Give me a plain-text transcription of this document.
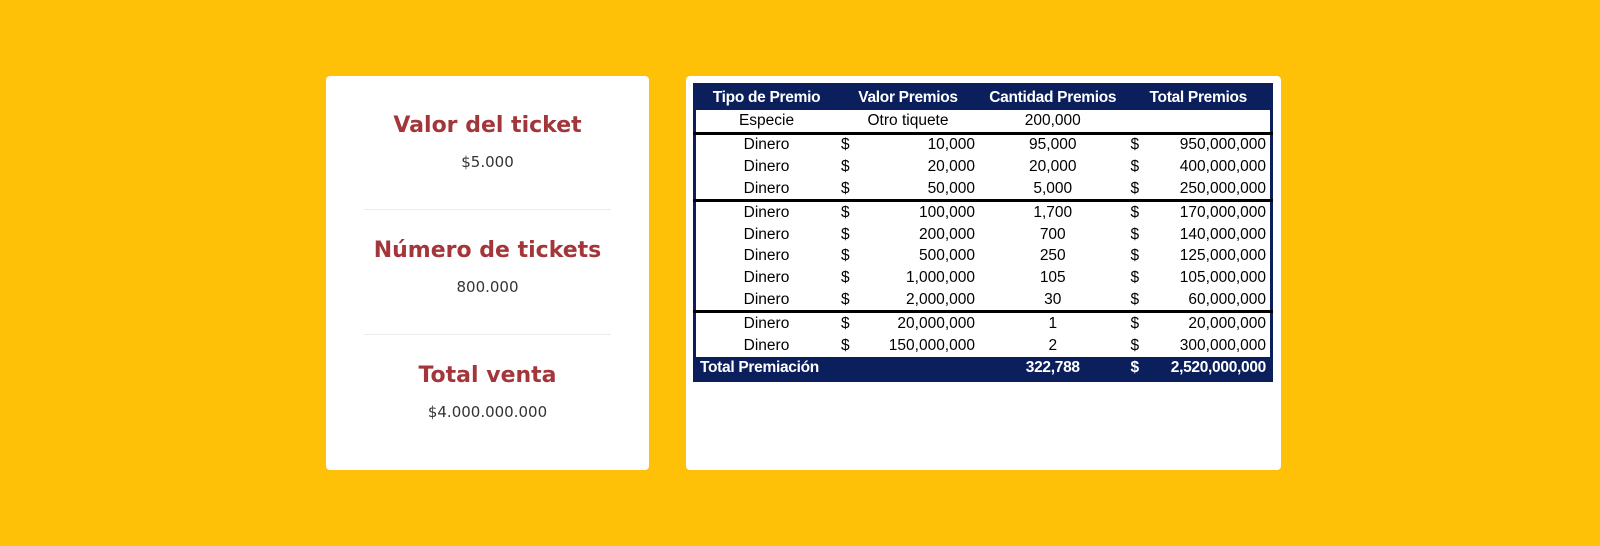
Valor del ticket
$5.000
Número de tickets
800.000
Total venta
$4.000.000.000
Tipo de Premio	Valor Premios		Cantidad Premios	Total Premios	
Especie	Otro tiquete		200,000		
Dinero	$	10,000	95,000	$	950,000,000
Dinero	$	20,000	20,000	$	400,000,000
Dinero	$	50,000	5,000	$	250,000,000
Dinero	$	100,000	1,700	$	170,000,000
Dinero	$	200,000	700	$	140,000,000
Dinero	$	500,000	250	$	125,000,000
Dinero	$	1,000,000	105	$	105,000,000
Dinero	$	2,000,000	30	$	60,000,000
Dinero	$	20,000,000	1	$	20,000,000
Dinero	$	150,000,000	2	$	300,000,000
Total Premiación			322,788	$	2,520,000,000
